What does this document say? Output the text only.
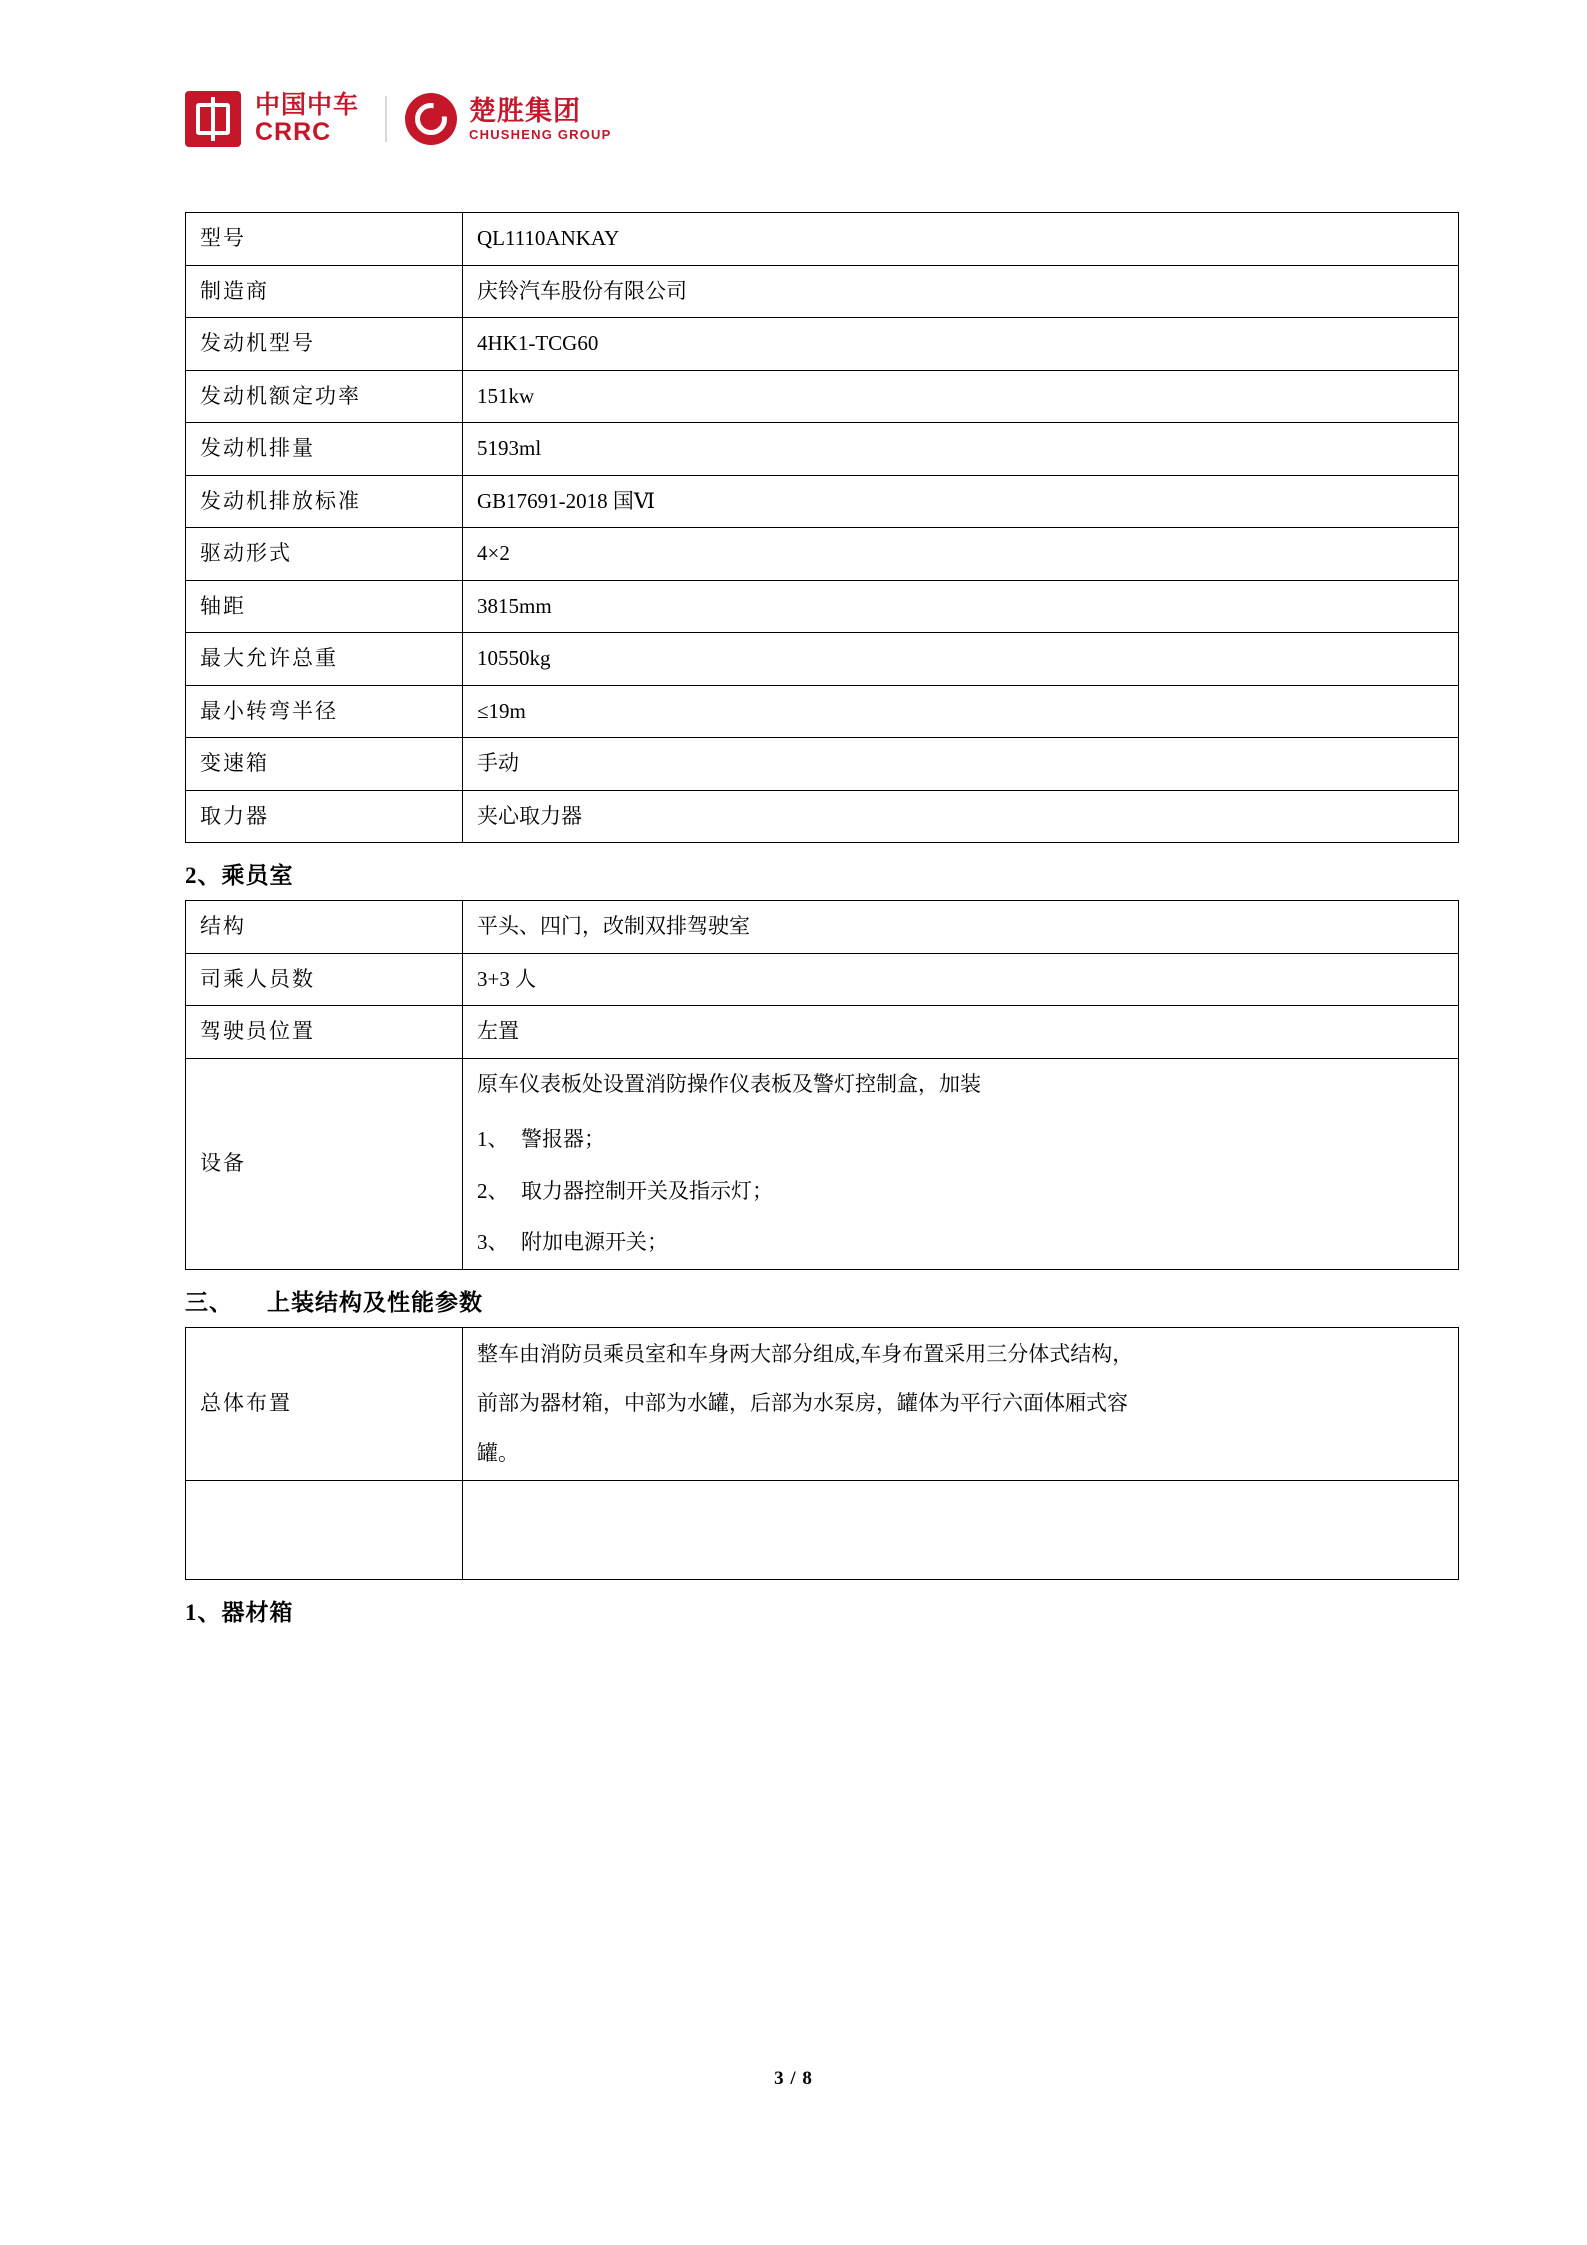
中国中车
CRRC
楚胜集团
CHUSHENG GROUP
型号	QL1110ANKAY
制造商	庆铃汽车股份有限公司
发动机型号	4HK1-TCG60
发动机额定功率	151kw
发动机排量	5193ml
发动机排放标准	GB17691-2018 国Ⅵ
驱动形式	4×2
轴距	3815mm
最大允许总重	10550kg
最小转弯半径	≤19m
变速箱	手动
取力器	夹心取力器
2、乘员室
结构	平头、四门，改制双排驾驶室
司乘人员数	3+3 人
驾驶员位置	左置
设备	原车仪表板处设置消防操作仪表板及警灯控制盒，加装

1、 警报器；

2、 取力器控制开关及指示灯；

3、 附加电源开关；

三、 上装结构及性能参数
总体布置	整车由消防员乘员室和车身两大部分组成,车身布置采用三分体式结构，

前部为器材箱，中部为水罐，后部为水泵房，罐体为平行六面体厢式容

罐。

1、器材箱
3 / 8
